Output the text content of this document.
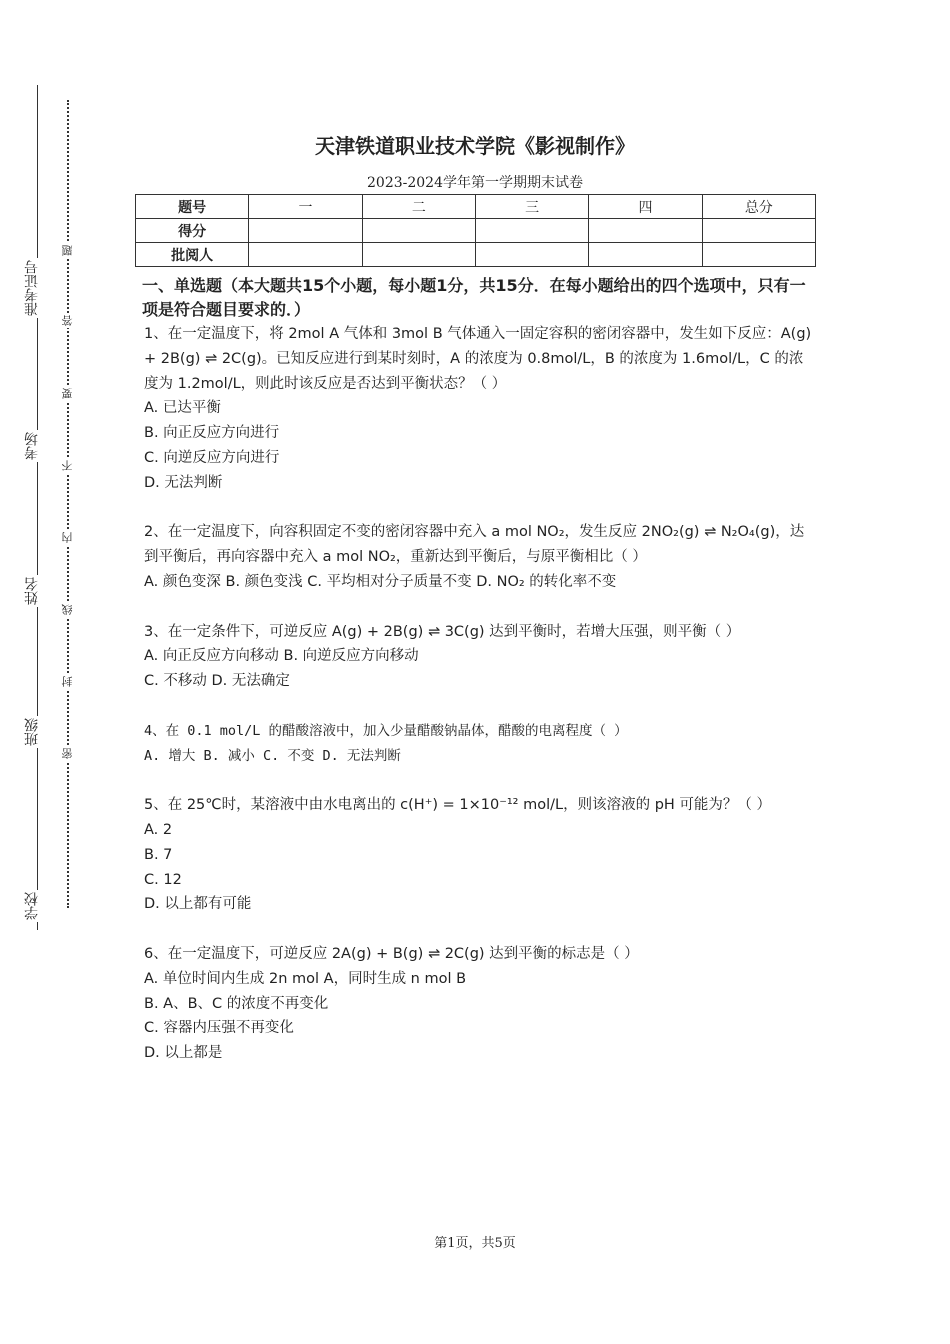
准考证号
考场
姓名
班级
学校
题
答
要
不
内
线
封
密
天津铁道职业技术学院《影视制作》
2023-2024学年第一学期期末试卷
题号	一	二	三	四	总分
得分					
批阅人					
一、单选题（本大题共15个小题，每小题1分，共15分．在每小题给出的四个选项中，只有一项是符合题目要求的．）

1、在一定温度下，将 2mol A 气体和 3mol B 气体通入一固定容积的密闭容器中，发生如下反应：A(g) + 2B(g) ⇌ 2C(g)。已知反应进行到某时刻时，A 的浓度为 0.8mol/L，B 的浓度为 1.6mol/L，C 的浓度为 1.2mol/L，则此时该反应是否达到平衡状态？（ ）

A. 已达平衡

B. 向正反应方向进行

C. 向逆反应方向进行

D. 无法判断

2、在一定温度下，向容积固定不变的密闭容器中充入 a mol NO₂，发生反应 2NO₂(g) ⇌ N₂O₄(g)，达到平衡后，再向容器中充入 a mol NO₂，重新达到平衡后，与原平衡相比（ ）

A. 颜色变深 B. 颜色变浅 C. 平均相对分子质量不变 D. NO₂ 的转化率不变

3、在一定条件下，可逆反应 A(g) + 2B(g) ⇌ 3C(g) 达到平衡时，若增大压强，则平衡（ ）

A. 向正反应方向移动 B. 向逆反应方向移动

C. 不移动 D. 无法确定

4、在 0.1 mol/L 的醋酸溶液中，加入少量醋酸钠晶体，醋酸的电离程度（ ）

A. 增大 B. 减小 C. 不变 D. 无法判断

5、在 25℃时，某溶液中由水电离出的 c(H⁺) = 1×10⁻¹² mol/L，则该溶液的 pH 可能为？（ ）

A. 2

B. 7

C. 12

D. 以上都有可能

6、在一定温度下，可逆反应 2A(g) + B(g) ⇌ 2C(g) 达到平衡的标志是（ ）

A. 单位时间内生成 2n mol A，同时生成 n mol B

B. A、B、C 的浓度不再变化

C. 容器内压强不再变化

D. 以上都是

第1页，共5页
